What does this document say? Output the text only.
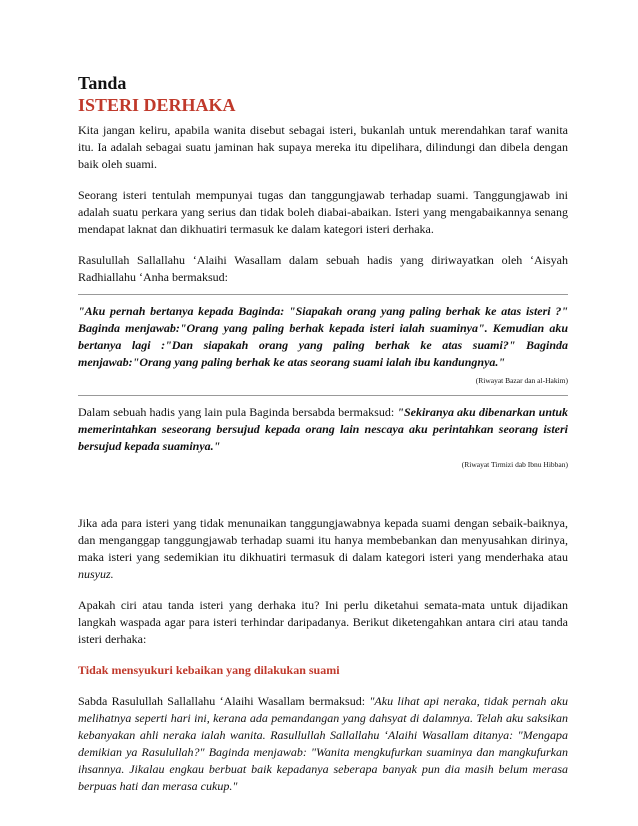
Tanda
ISTERI DERHAKA

Kita jangan keliru, apabila wanita disebut sebagai isteri, bukanlah untuk merendahkan taraf wanita itu. Ia adalah sebagai suatu jaminan hak supaya mereka itu dipelihara, dilindungi dan dibela dengan baik oleh suami.

Seorang isteri tentulah mempunyai tugas dan tanggungjawab terhadap suami. Tanggungjawab ini adalah suatu perkara yang serius dan tidak boleh diabai-abaikan. Isteri yang mengabaikannya senang mendapat laknat dan dikhuatiri termasuk ke dalam kategori isteri derhaka.

Rasulullah Sallallahu ‘Alaihi Wasallam dalam sebuah hadis yang diriwayatkan oleh ‘Aisyah Radhiallahu ‘Anha bermaksud:

"Aku pernah bertanya kepada Baginda: "Siapakah orang yang paling berhak ke atas isteri ?" Baginda menjawab:"Orang yang paling berhak kepada isteri ialah suaminya". Kemudian aku bertanya lagi :"Dan siapakah orang yang paling berhak ke atas suami?" Baginda menjawab:"Orang yang paling berhak ke atas seorang suami ialah ibu kandungnya."

(Riwayat Bazar dan al-Hakim)

Dalam sebuah hadis yang lain pula Baginda bersabda bermaksud: "Sekiranya aku dibenarkan untuk memerintahkan seseorang bersujud kepada orang lain nescaya aku perintahkan seorang isteri bersujud kepada suaminya."

(Riwayat Tirmizi dab Ibnu Hibban)

Jika ada para isteri yang tidak menunaikan tanggungjawabnya kepada suami dengan sebaik-baiknya, dan menganggap tanggungjawab terhadap suami itu hanya membebankan dan menyusahkan dirinya, maka isteri yang sedemikian itu dikhuatiri termasuk di dalam kategori isteri yang menderhaka atau nusyuz.

Apakah ciri atau tanda isteri yang derhaka itu? Ini perlu diketahui semata-mata untuk dijadikan langkah waspada agar para isteri terhindar daripadanya. Berikut diketengahkan antara ciri atau tanda isteri derhaka:

Tidak mensyukuri kebaikan yang dilakukan suami

Sabda Rasulullah Sallallahu ‘Alaihi Wasallam bermaksud: "Aku lihat api neraka, tidak pernah aku melihatnya seperti hari ini, kerana ada pemandangan yang dahsyat di dalamnya. Telah aku saksikan kebanyakan ahli neraka ialah wanita. Rasullullah Sallallahu ‘Alaihi Wasallam ditanya: "Mengapa demikian ya Rasulullah?" Baginda menjawab: "Wanita mengkufurkan suaminya dan mangkufurkan ihsannya. Jikalau engkau berbuat baik kepadanya seberapa banyak pun dia masih belum merasa berpuas hati dan merasa cukup."
